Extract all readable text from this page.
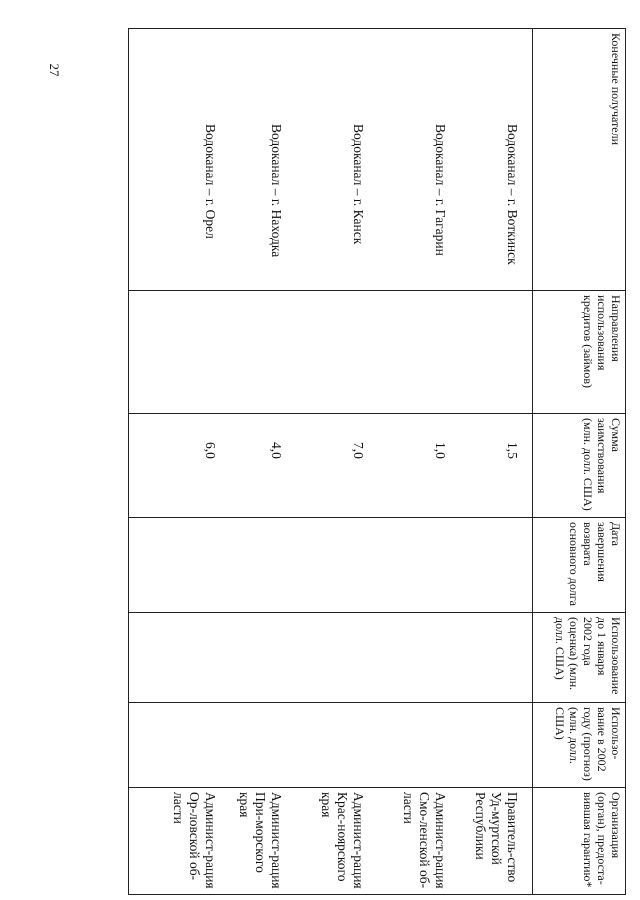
27	Конечные получатели	Направления использования кредитов (займов)	Сумма заимствования (млн. долл. США)	Дата завершения возврата основного долга	Использование до 1 января 2002 года (оценка) (млн. долл. США)	Использо-вание в 2002 году (прогноз) (млн. долл. США)	Организация (орган), предоста-вившая гарантию*
Водоканал – г. Воткинск		1,5				Правитель-ство Уд-муртской Республики
Водоканал – г. Гагарин		1,0				Админист-рация Смо-ленской об-ласти
Водоканал – г. Канск		7,0				Админист-рация Крас-ноярского края
Водоканал – г. Находка		4,0				Админист-рация При-морского края
Водоканал – г. Орел		6,0				Админист-рация Ор-ловской об-ласти
